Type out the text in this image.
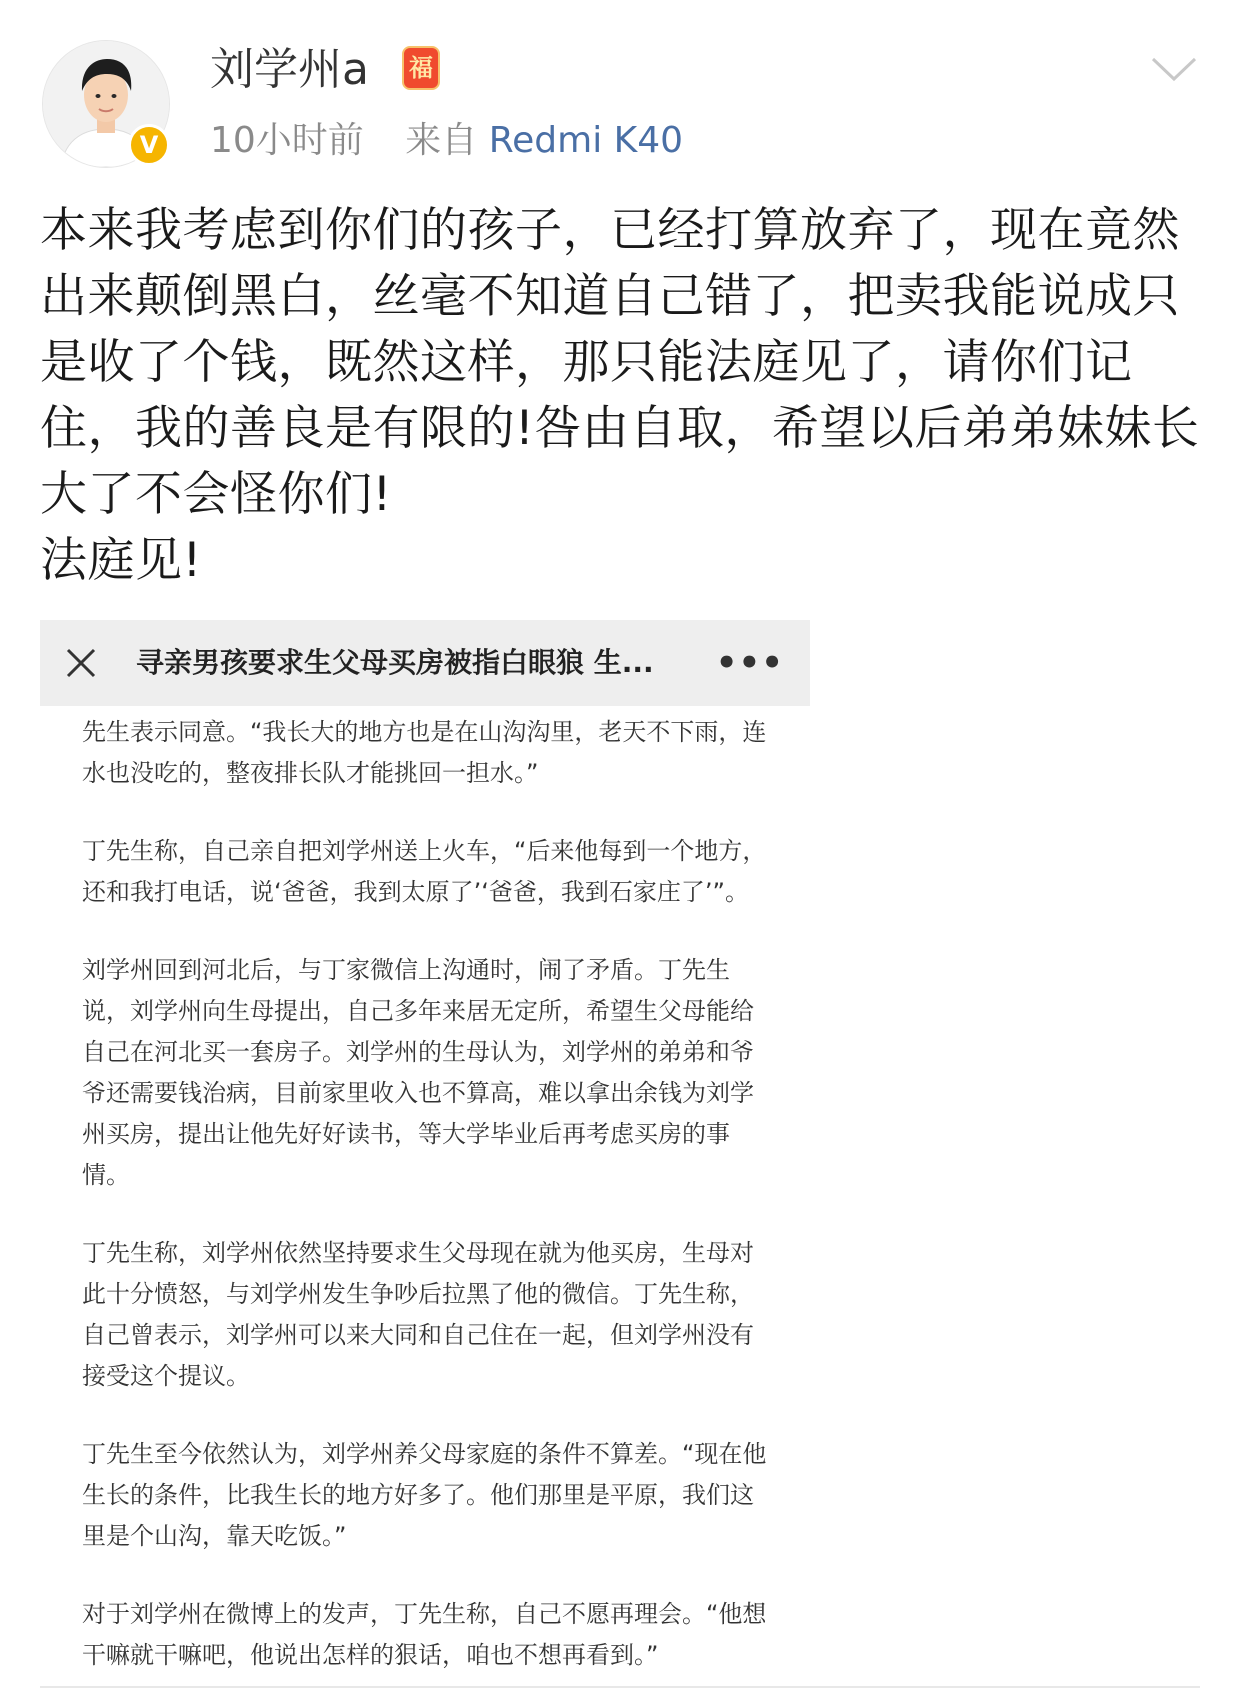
V
刘学州a 福
10小时前 来自 Redmi K40

本来我考虑到你们的孩子，已经打算放弃了，现在竟然出来颠倒黑白，丝毫不知道自己错了，把卖我能说成只是收了个钱，既然这样，那只能法庭见了，请你们记住，我的善良是有限的!咎由自取，希望以后弟弟妹妹长大了不会怪你们!

法庭见!

寻亲男孩要求生父母买房被指白眼狼 生...	•••

先生表示同意。“我长大的地方也是在山沟沟里，老天不下雨，连水也没吃的，整夜排长队才能挑回一担水。”

丁先生称，自己亲自把刘学州送上火车，“后来他每到一个地方，还和我打电话，说‘爸爸，我到太原了’‘爸爸，我到石家庄了’”。

刘学州回到河北后，与丁家微信上沟通时，闹了矛盾。丁先生说，刘学州向生母提出，自己多年来居无定所，希望生父母能给自己在河北买一套房子。刘学州的生母认为，刘学州的弟弟和爷爷还需要钱治病，目前家里收入也不算高，难以拿出余钱为刘学州买房，提出让他先好好读书，等大学毕业后再考虑买房的事情。

丁先生称，刘学州依然坚持要求生父母现在就为他买房，生母对此十分愤怒，与刘学州发生争吵后拉黑了他的微信。丁先生称，自己曾表示，刘学州可以来大同和自己住在一起，但刘学州没有接受这个提议。

丁先生至今依然认为，刘学州养父母家庭的条件不算差。“现在他生长的条件，比我生长的地方好多了。他们那里是平原，我们这里是个山沟，靠天吃饭。”

对于刘学州在微博上的发声，丁先生称，自己不愿再理会。“他想干嘛就干嘛吧，他说出怎样的狠话，咱也不想再看到。”
